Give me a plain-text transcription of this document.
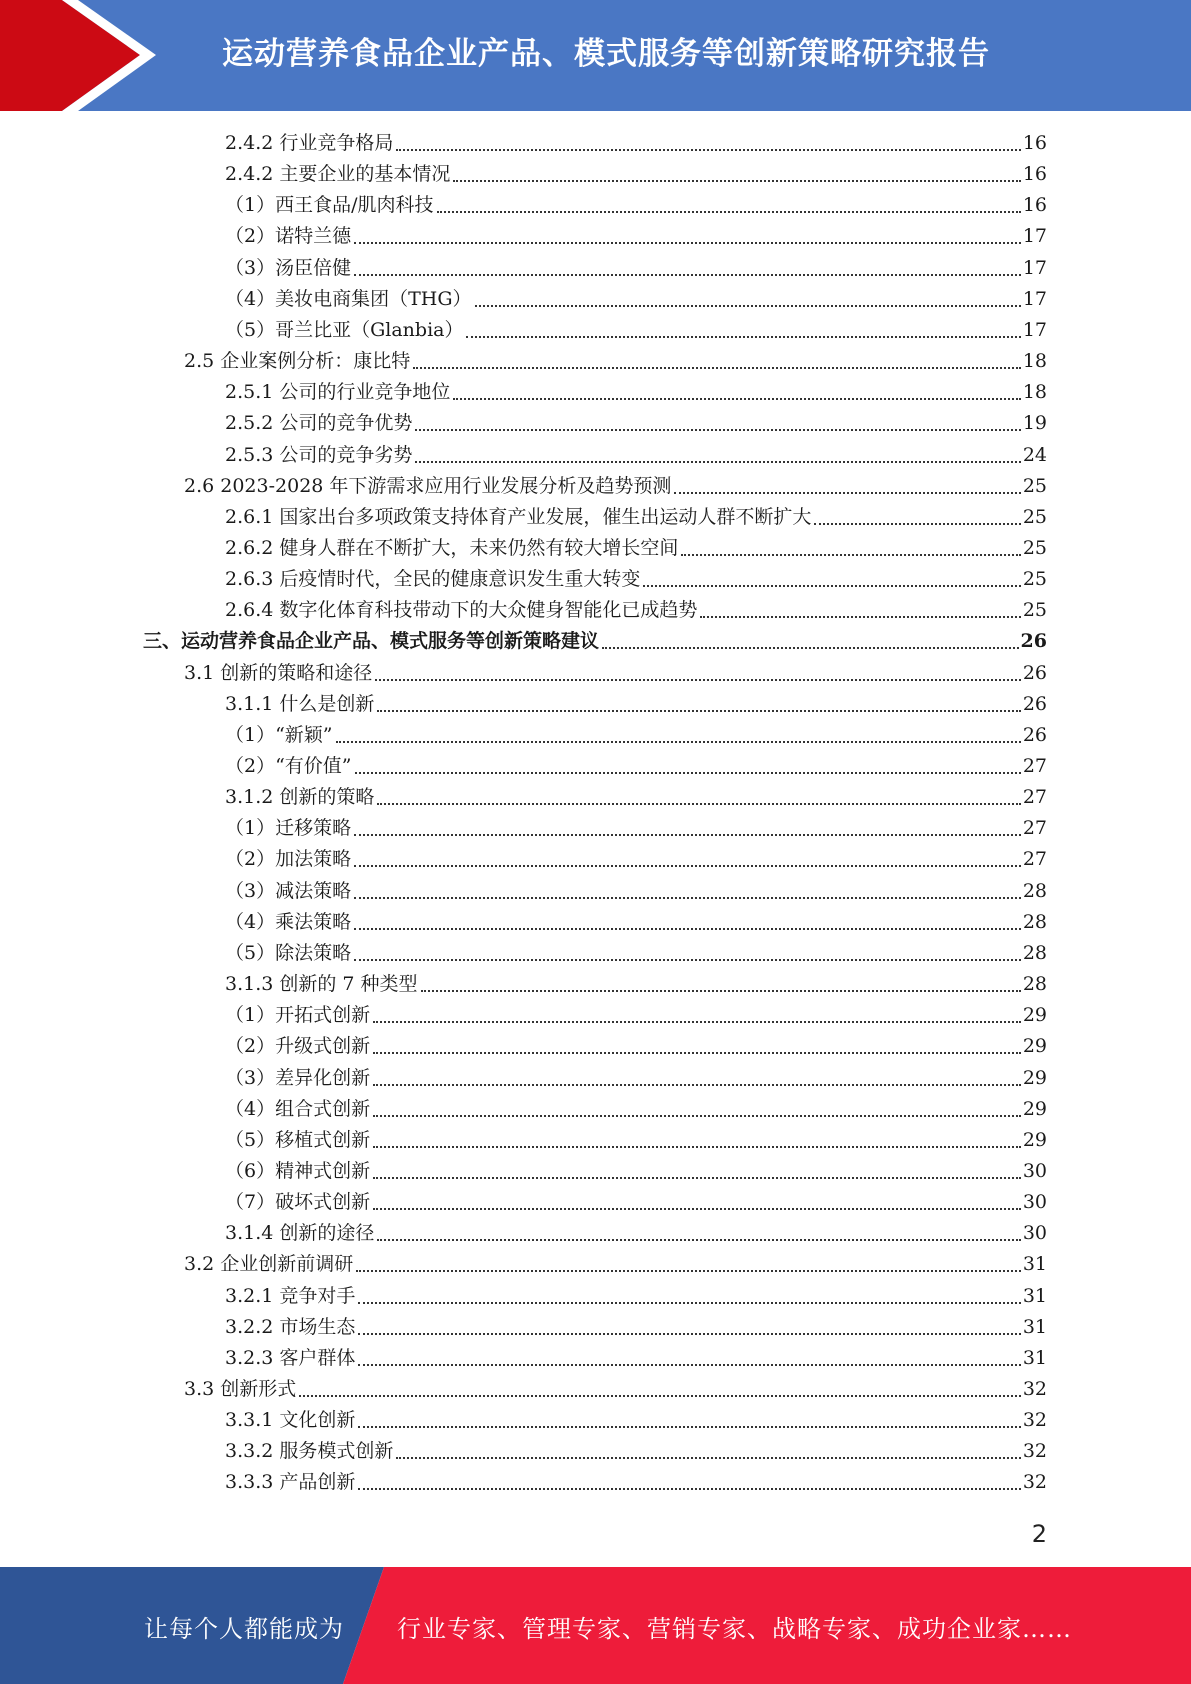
运动营养食品企业产品、模式服务等创新策略研究报告
2.4.2 行业竞争格局	16
2.4.2 主要企业的基本情况	16
（1）西王食品/肌肉科技	16
（2）诺特兰德	17
（3）汤臣倍健	17
（4）美妆电商集团（THG）	17
（5）哥兰比亚（Glanbia）	17
2.5 企业案例分析：康比特	18
2.5.1 公司的行业竞争地位	18
2.5.2 公司的竞争优势	19
2.5.3 公司的竞争劣势	24
2.6 2023-2028 年下游需求应用行业发展分析及趋势预测	25
2.6.1 国家出台多项政策支持体育产业发展，催生出运动人群不断扩大	25
2.6.2 健身人群在不断扩大，未来仍然有较大增长空间	25
2.6.3 后疫情时代，全民的健康意识发生重大转变	25
2.6.4 数字化体育科技带动下的大众健身智能化已成趋势	25
三、运动营养食品企业产品、模式服务等创新策略建议	26
3.1 创新的策略和途径	26
3.1.1 什么是创新	26
（1）“新颖”	26
（2）“有价值”	27
3.1.2 创新的策略	27
（1）迁移策略	27
（2）加法策略	27
（3）减法策略	28
（4）乘法策略	28
（5）除法策略	28
3.1.3 创新的 7 种类型	28
（1）开拓式创新	29
（2）升级式创新	29
（3）差异化创新	29
（4）组合式创新	29
（5）移植式创新	29
（6）精神式创新	30
（7）破坏式创新	30
3.1.4 创新的途径	30
3.2 企业创新前调研	31
3.2.1 竞争对手	31
3.2.2 市场生态	31
3.2.3 客户群体	31
3.3 创新形式	32
3.3.1 文化创新	32
3.3.2 服务模式创新	32
3.3.3 产品创新	32
2
让每个人都能成为 行业专家、管理专家、营销专家、战略专家、成功企业家……
